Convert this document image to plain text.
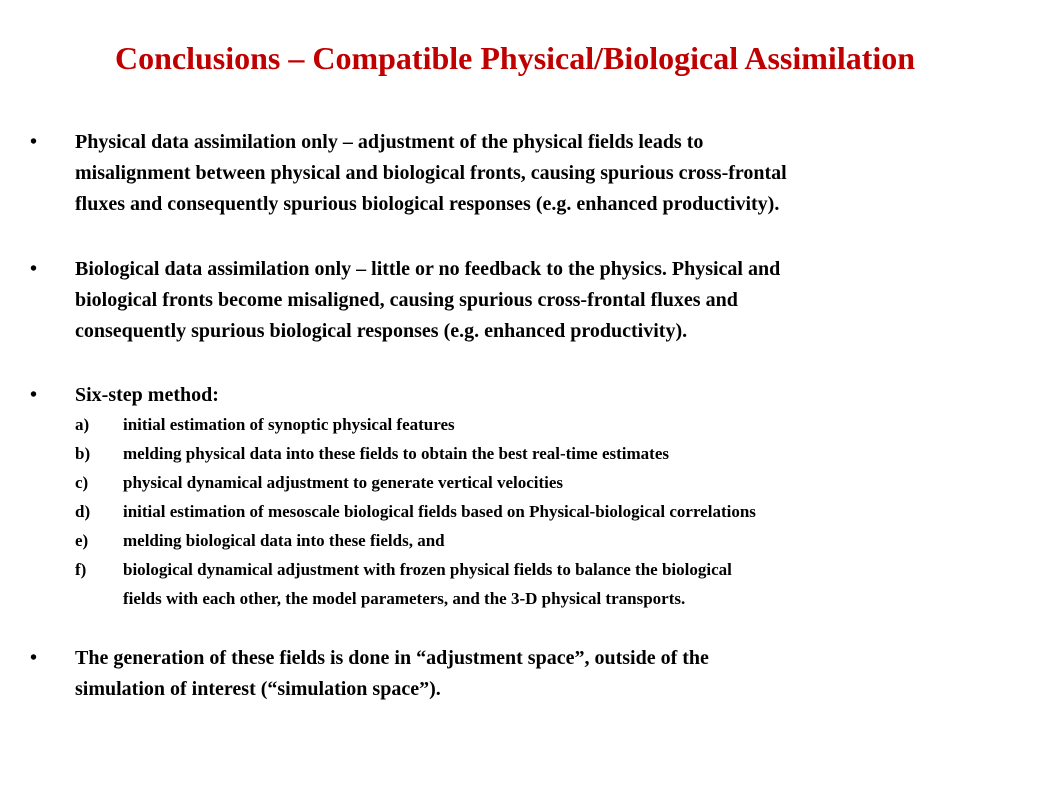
Conclusions – Compatible Physical/Biological Assimilation
•	Physical data assimilation only – adjustment of the physical fields leads to
misalignment between physical and biological fronts, causing spurious cross-frontal
fluxes and consequently spurious biological responses (e.g. enhanced productivity).
•	Biological data assimilation only – little or no feedback to the physics. Physical and
biological fronts become misaligned, causing spurious cross-frontal fluxes and
consequently spurious biological responses (e.g. enhanced productivity).
•	Six-step method:
a) initial estimation of synoptic physical features
b) melding physical data into these fields to obtain the best real-time estimates
c) physical dynamical adjustment to generate vertical velocities
d) initial estimation of mesoscale biological fields based on Physical-biological correlations
e) melding biological data into these fields, and
f) biological dynamical adjustment with frozen physical fields to balance the biological
fields with each other, the model parameters, and the 3-D physical transports.
•	The generation of these fields is done in “adjustment space”, outside of the
simulation of interest (“simulation space”).
